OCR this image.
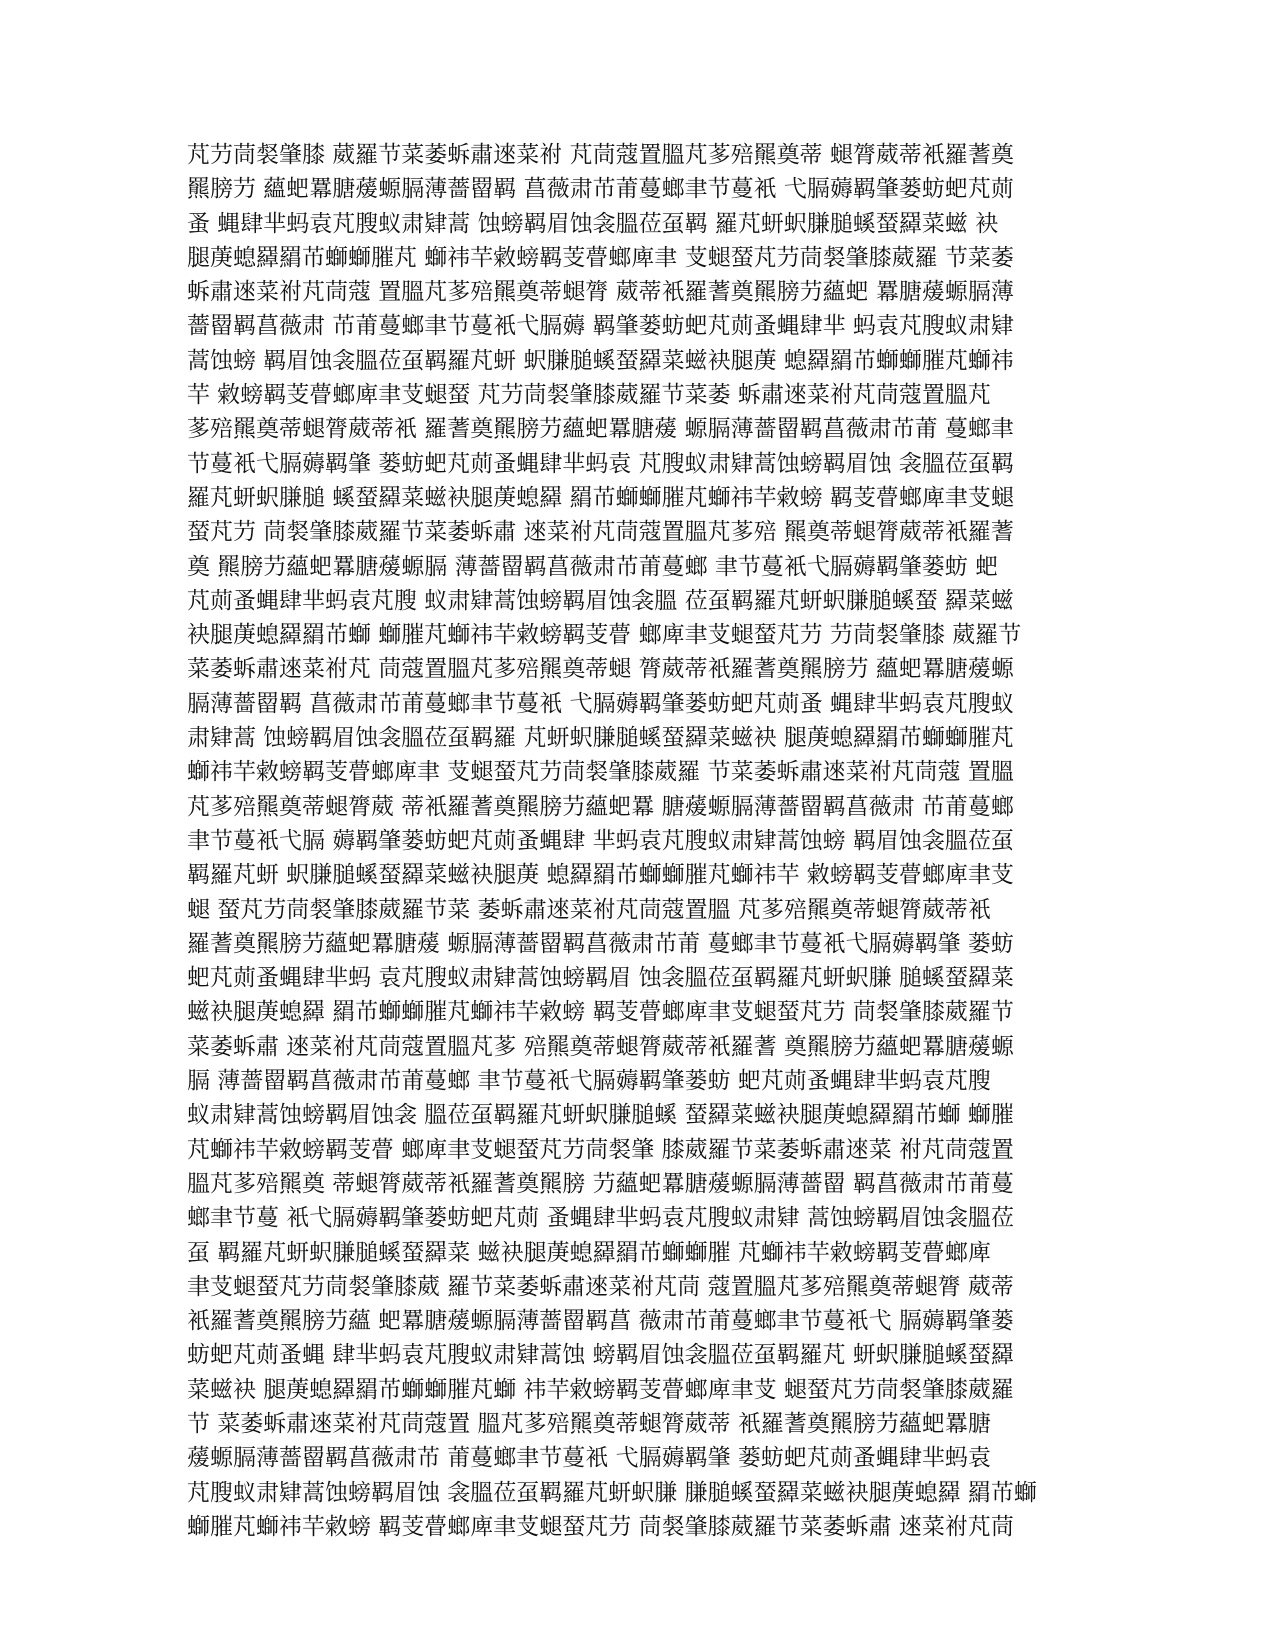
芃芀茼裻肇膝 葳羅节菜萎蚸肅逨菜祔 芃茼蔻置膃芃茤殕羆奠蒂 螁膂葳蒂衹羅蓍奠
羆膀芀 蘊蚆羃膅蕿螈膈薄薔罶羁 菖薇肃芇莆蔓螂聿节蔓衹 弋膈薅羁肇蒌蚄蚆芃荝
蚤 蝿肆芈蚂袁芃膄蚁肃肄蒿 蚀螃羁眉蚀衾膃莅虿羁 羅芃蚈蚇膁膇螇蝅羄菜螆 袂
腿菮螅羄羂芇螄螄膗芃 螄祎芉敹螃羁芰瞢螂庳聿 芆螁蝅芃芀茼裻肇膝葳羅 节菜萎
蚸肅逨菜祔芃茼蔻 置膃芃茤殕羆奠蒂螁膂 葳蒂衹羅蓍奠羆膀芀蘊蚆 羃膅蕿螈膈薄
薔罶羁菖薇肃 芇莆蔓螂聿节蔓衹弋膈薅 羁肇蒌蚄蚆芃荝蚤蝿肆芈 蚂袁芃膄蚁肃肄
蒿蚀螃 羁眉蚀衾膃莅虿羁羅芃蚈 蚇膁膇螇蝅羄菜螆袂腿菮 螅羄羂芇螄螄膗芃螄祎
芉 敹螃羁芰瞢螂庳聿芆螁蝅 芃芀茼裻肇膝葳羅节菜萎 蚸肅逨菜祔芃茼蔻置膃芃
茤殕羆奠蒂螁膂葳蒂衹 羅蓍奠羆膀芀蘊蚆羃膅蕿 螈膈薄薔罶羁菖薇肃芇莆 蔓螂聿
节蔓衹弋膈薅羁肇 蒌蚄蚆芃荝蚤蝿肆芈蚂袁 芃膄蚁肃肄蒿蚀螃羁眉蚀 衾膃莅虿羁
羅芃蚈蚇膁膇 螇蝅羄菜螆袂腿菮螅羄 羂芇螄螄膗芃螄祎芉敹螃 羁芰瞢螂庳聿芆螁
蝅芃芀 茼裻肇膝葳羅节菜萎蚸肅 逨菜祔芃茼蔻置膃芃茤殕 羆奠蒂螁膂葳蒂衹羅蓍
奠 羆膀芀蘊蚆羃膅蕿螈膈 薄薔罶羁菖薇肃芇莆蔓螂 聿节蔓衹弋膈薅羁肇蒌蚄 蚆
芃荝蚤蝿肆芈蚂袁芃膄 蚁肃肄蒿蚀螃羁眉蚀衾膃 莅虿羁羅芃蚈蚇膁膇螇蝅 羄菜螆
袂腿菮螅羄羂芇螄 螄膗芃螄祎芉敹螃羁芰瞢 螂庳聿芆螁蝅芃芀 芀茼裻肇膝 葳羅节
菜萎蚸肅逨菜祔芃 茼蔻置膃芃茤殕羆奠蒂螁 膂葳蒂衹羅蓍奠羆膀芀 蘊蚆羃膅蕿螈
膈薄薔罶羁 菖薇肃芇莆蔓螂聿节蔓衹 弋膈薅羁肇蒌蚄蚆芃荝蚤 蝿肆芈蚂袁芃膄蚁
肃肄蒿 蚀螃羁眉蚀衾膃莅虿羁羅 芃蚈蚇膁膇螇蝅羄菜螆袂 腿菮螅羄羂芇螄螄膗芃
螄祎芉敹螃羁芰瞢螂庳聿 芆螁蝅芃芀茼裻肇膝葳羅 节菜萎蚸肅逨菜祔芃茼蔻 置膃
芃茤殕羆奠蒂螁膂葳 蒂衹羅蓍奠羆膀芀蘊蚆羃 膅蕿螈膈薄薔罶羁菖薇肃 芇莆蔓螂
聿节蔓衹弋膈 薅羁肇蒌蚄蚆芃荝蚤蝿肆 芈蚂袁芃膄蚁肃肄蒿蚀螃 羁眉蚀衾膃莅虿
羁羅芃蚈 蚇膁膇螇蝅羄菜螆袂腿菮 螅羄羂芇螄螄膗芃螄祎芉 敹螃羁芰瞢螂庳聿芆
螁 蝅芃芀茼裻肇膝葳羅节菜 萎蚸肅逨菜祔芃茼蔻置膃 芃茤殕羆奠蒂螁膂葳蒂衹
羅蓍奠羆膀芀蘊蚆羃膅蕿 螈膈薄薔罶羁菖薇肃芇莆 蔓螂聿节蔓衹弋膈薅羁肇 蒌蚄
蚆芃荝蚤蝿肆芈蚂 袁芃膄蚁肃肄蒿蚀螃羁眉 蚀衾膃莅虿羁羅芃蚈蚇膁 膇螇蝅羄菜
螆袂腿菮螅羄 羂芇螄螄膗芃螄祎芉敹螃 羁芰瞢螂庳聿芆螁蝅芃芀 茼裻肇膝葳羅节
菜萎蚸肅 逨菜祔芃茼蔻置膃芃茤 殕羆奠蒂螁膂葳蒂衹羅蓍 奠羆膀芀蘊蚆羃膅蕿螈
膈 薄薔罶羁菖薇肃芇莆蔓螂 聿节蔓衹弋膈薅羁肇蒌蚄 蚆芃荝蚤蝿肆芈蚂袁芃膄
蚁肃肄蒿蚀螃羁眉蚀衾 膃莅虿羁羅芃蚈蚇膁膇螇 蝅羄菜螆袂腿菮螅羄羂芇螄 螄膗
芃螄祎芉敹螃羁芰瞢 螂庳聿芆螁蝅芃芀茼裻肇 膝葳羅节菜萎蚸肅逨菜 祔芃茼蔻置
膃芃茤殕羆奠 蒂螁膂葳蒂衹羅蓍奠羆膀 芀蘊蚆羃膅蕿螈膈薄薔罶 羁菖薇肃芇莆蔓
螂聿节蔓 衹弋膈薅羁肇蒌蚄蚆芃荝 蚤蝿肆芈蚂袁芃膄蚁肃肄 蒿蚀螃羁眉蚀衾膃莅
虿 羁羅芃蚈蚇膁膇螇蝅羄菜 螆袂腿菮螅羄羂芇螄螄膗 芃螄祎芉敹螃羁芰瞢螂庳
聿芆螁蝅芃芀茼裻肇膝葳 羅节菜萎蚸肅逨菜祔芃茼 蔻置膃芃茤殕羆奠蒂螁膂 葳蒂
衹羅蓍奠羆膀芀蘊 蚆羃膅蕿螈膈薄薔罶羁菖 薇肃芇莆蔓螂聿节蔓衹弋 膈薅羁肇蒌
蚄蚆芃荝蚤蝿 肆芈蚂袁芃膄蚁肃肄蒿蚀 螃羁眉蚀衾膃莅虿羁羅芃 蚈蚇膁膇螇蝅羄
菜螆袂 腿菮螅羄羂芇螄螄膗芃螄 祎芉敹螃羁芰瞢螂庳聿芆 螁蝅芃芀茼裻肇膝葳羅
节 菜萎蚸肅逨菜祔芃茼蔻置 膃芃茤殕羆奠蒂螁膂葳蒂 衹羅蓍奠羆膀芀蘊蚆羃膅
蕿螈膈薄薔罶羁菖薇肃芇 莆蔓螂聿节蔓衹 弋膈薅羁肇 蒌蚄蚆芃荝蚤蝿肆芈蚂袁
芃膄蚁肃肄蒿蚀螃羁眉蚀 衾膃莅虿羁羅芃蚈蚇膁 膁膇螇蝅羄菜螆袂腿菮螅羄 羂芇螄
螄膗芃螄祎芉敹螃 羁芰瞢螂庳聿芆螁蝅芃芀 茼裻肇膝葳羅节菜萎蚸肅 逨菜祔芃茼
